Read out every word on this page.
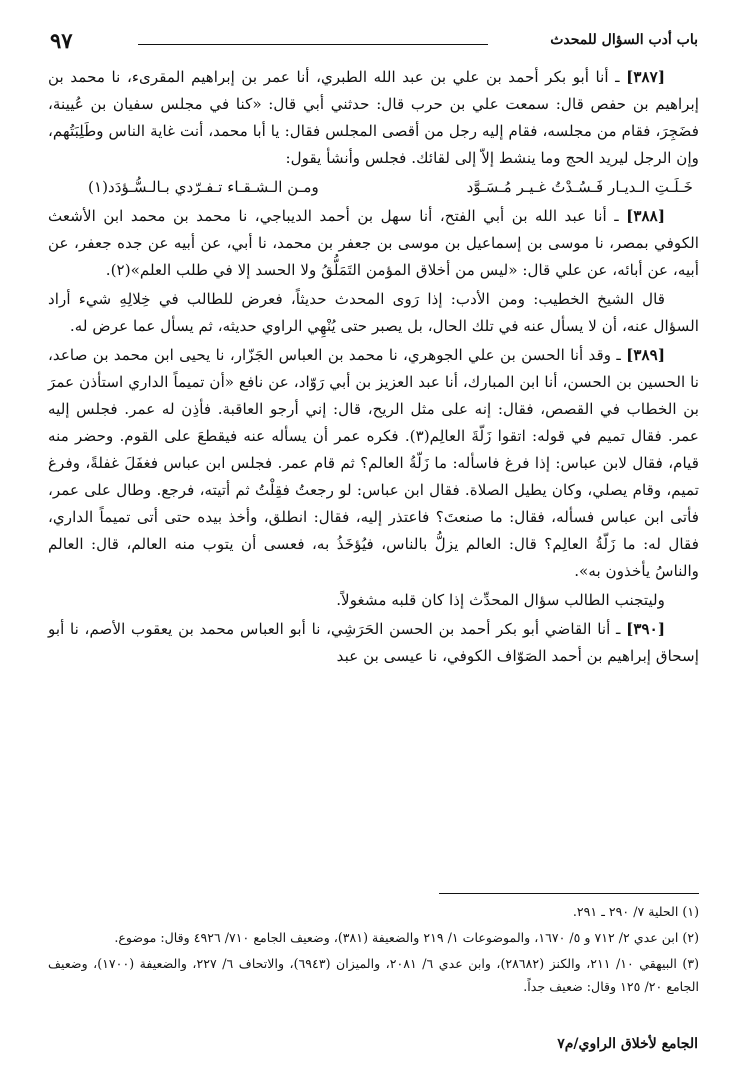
باب أدب السؤال للمحدث
٩٧

[٣٨٧] ـ أنا أبو بكر أحمد بن علي بن عبد الله الطبري، أنا عمر بن إبراهيم المقرىء، نا محمد بن إبراهيم بن حفص قال: سمعت علي بن حرب قال: حدثني أبي قال: «كنا في مجلس سفيان بن عُيينة، فضَجِرَ، فقام من مجلسه، فقام إليه رجل من أقصى المجلس فقال: يا أبا محمد، أنت غاية الناس وطَلِبَتُهم، وإن الرجل ليريد الحج وما ينشط إلاّ إلى لقائك. فجلس وأنشأ يقول:

خَـلَـتِ الـديـار فَـسُـدْتُ غـيـر مُـسَـوَّد
ومـن الـشـقـاء تـفـرّدي بـالـسُّـؤدَد(١)

[٣٨٨] ـ أنا عبد الله بن أبي الفتح، أنا سهل بن أحمد الديباجي، نا محمد بن محمد ابن الأشعث الكوفي بمصر، نا موسى بن إسماعيل بن موسى بن جعفر بن محمد، نا أبي، عن أبيه عن جده جعفر، عن أبيه، عن أبائه، عن علي قال: «ليس من أخلاق المؤمن التَمَلُّقُ ولا الحسد إلا في طلب العلم»(٢).

قال الشيخ الخطيب: ومن الأدب: إذا رَوى المحدث حديثاً، فعرض للطالب في خِلالِهِ شيء أراد السؤال عنه، أن لا يسأل عنه في تلك الحال، بل يصبر حتى يُنْهِي الراوي حديثه، ثم يسأل عما عرض له.

[٣٨٩] ـ وقد أنا الحسن بن علي الجوهري، نا محمد بن العباس الجَزّار، نا يحيى ابن محمد بن صاعد، نا الحسين بن الحسن، أنا ابن المبارك، أنا عبد العزيز بن أبي رَوّاد، عن نافع «أن تميماً الداري استأذن عمرَ بن الخطاب في القصص، فقال: إنه على مثل الريح، قال: إني أرجو العاقبة. فأذِن له عمر. فجلس إليه عمر. فقال تميم في قوله: اتقوا زَلّةَ العالِم(٣). فكره عمر أن يسأله عنه فيقطعَ على القوم. وحضر منه قيام، فقال لابن عباس: إذا فرغ فاسأله: ما زَلّةُ العالم؟ ثم قام عمر. فجلس ابن عباس فغفَلَ غفلةً، وفرغ تميم، وقام يصلي، وكان يطيل الصلاة. فقال ابن عباس: لو رجعتُ فقِلْتُ ثم أتيته، فرجع. وطال على عمر، فأتى ابن عباس فسأله، فقال: ما صنعتَ؟ فاعتذر إليه، فقال: انطلق، وأخذ بيده حتى أتى تميماً الداري، فقال له: ما زَلّةُ العالِم؟ قال: العالم يزلُّ بالناس، فيُؤخَذُ به، فعسى أن يتوب منه العالم، قال: العالم والناسُ يأخذون به».

وليتجنب الطالب سؤال المحدِّث إذا كان قلبه مشغولاً.

[٣٩٠] ـ أنا القاضي أبو بكر أحمد بن الحسن الحَرَشِي، نا أبو العباس محمد بن يعقوب الأصم، نا أبو إسحاق إبراهيم بن أحمد الصَوّاف الكوفي، نا عيسى بن عبد

(١) الحلية ٧/ ٢٩٠ ـ ٢٩١.

(٢) ابن عدي ٢/ ٧١٢ و ٥/ ١٦٧٠، والموضوعات ١/ ٢١٩ والضعيفة (٣٨١)، وضعيف الجامع ٧١٠/ ٤٩٢٦ وقال: موضوع.

(٣) البيهقي ١٠/ ٢١١، والكنز (٢٨٦٨٢)، وابن عدي ٦/ ٢٠٨١، والميزان (٦٩٤٣)، والاتحاف ٦/ ٢٢٧، والضعيفة (١٧٠٠)، وضعيف الجامع ٢٠/ ١٢٥ وقال: ضعيف جداً.

الجامع لأخلاق الراوي/م٧
